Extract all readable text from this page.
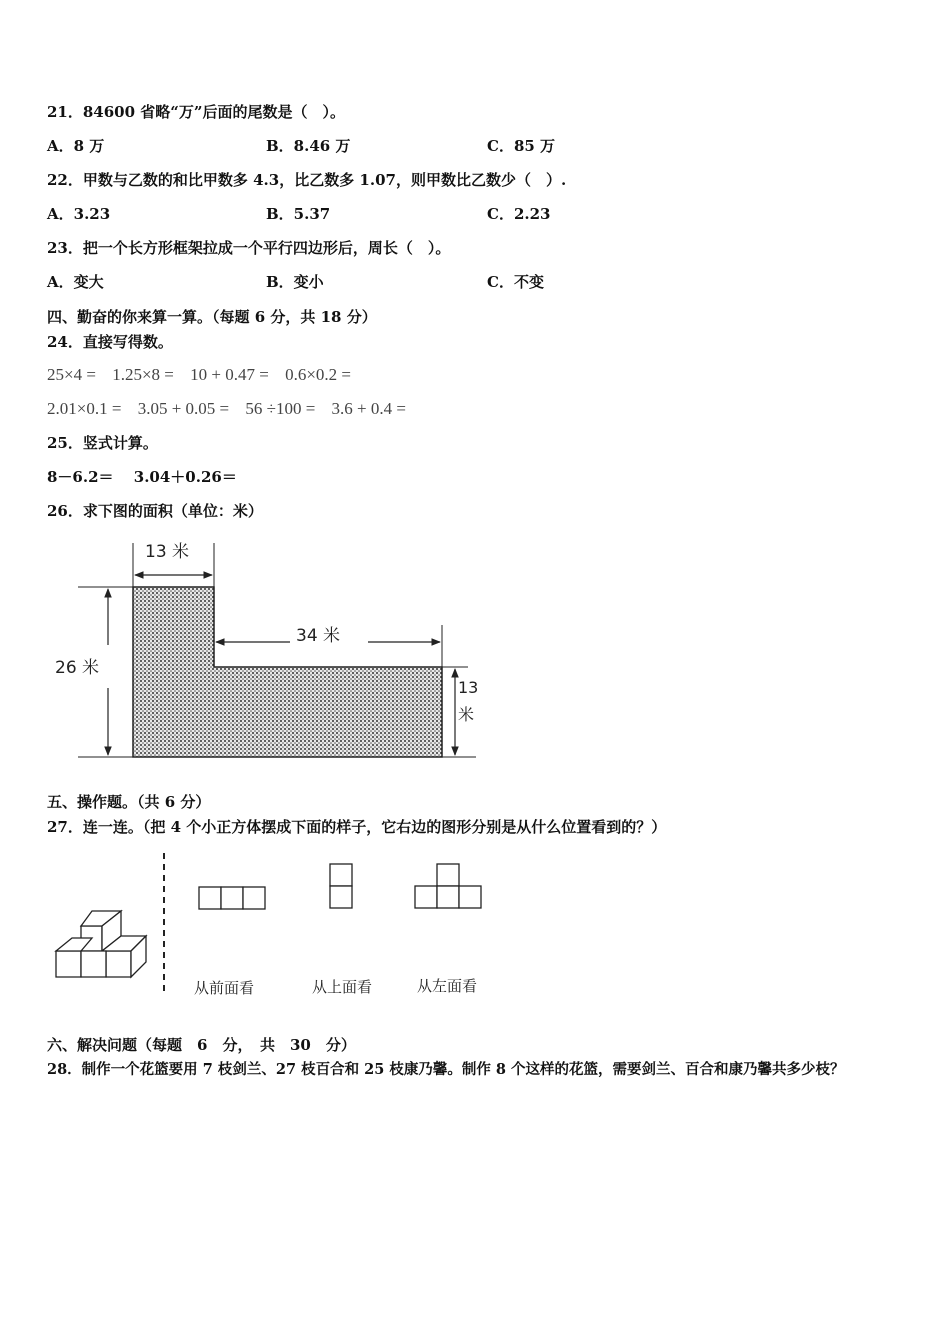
21．84600 省略“万”后面的尾数是（　）。
A．8 万	B．8.46 万	C．85 万
22．甲数与乙数的和比甲数多 4.3，比乙数多 1.07，则甲数比乙数少（　）.
A．3.23	B．5.37	C．2.23
23．把一个长方形框架拉成一个平行四边形后，周长（　）。
A．变大	B．变小	C．不变
四、勤奋的你来算一算。（每题 6 分，共 18 分）
24．直接写得数。
25×4 = 1.25×8 = 10 + 0.47 = 0.6×0.2 =
2.01×0.1 = 3.05 + 0.05 = 56 ÷100 = 3.6 + 0.4 =
25．竖式计算。
8－6.2＝　 3.04＋0.26＝
26．求下图的面积（单位：米）
13 米
34 米
26 米
13
米
五、操作题。（共 6 分）
27．连一连。（把 4 个小正方体摆成下面的样子，它右边的图形分别是从什么位置看到的？）
从前面看	从上面看	从左面看
六、解决问题（每题　6　分，　共　30　分）
28．制作一个花篮要用 7 枝剑兰、27 枝百合和 25 枝康乃馨。制作 8 个这样的花篮，需要剑兰、百合和康乃馨共多少枝？
